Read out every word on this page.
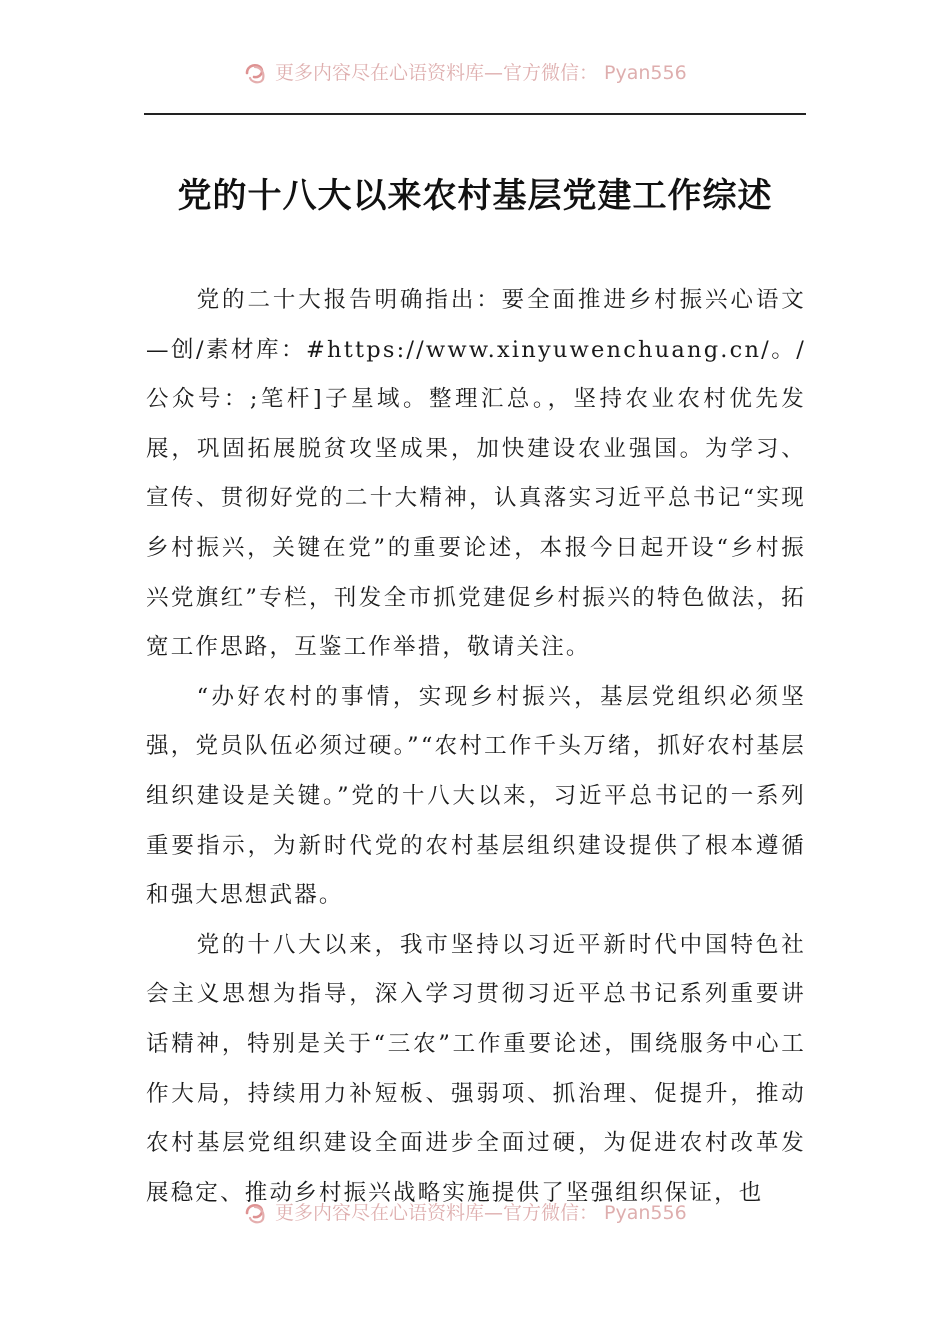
更多内容尽在心语资料库—官方微信： Pyan556
党的十八大以来农村基层党建工作综述

党的二十大报告明确指出：要全面推进乡村振兴心语文—创/素材库：#https://www.xinyuwenchuang.cn/。/公众号：;笔杆]子星域。整理汇总。，坚持农业农村优先发展，巩固拓展脱贫攻坚成果，加快建设农业强国。为学习、宣传、贯彻好党的二十大精神，认真落实习近平总书记“实现乡村振兴，关键在党”的重要论述，本报今日起开设“乡村振兴党旗红”专栏，刊发全市抓党建促乡村振兴的特色做法，拓宽工作思路，互鉴工作举措，敬请关注。

“办好农村的事情，实现乡村振兴，基层党组织必须坚强，党员队伍必须过硬。”“农村工作千头万绪，抓好农村基层组织建设是关键。”党的十八大以来，习近平总书记的一系列重要指示，为新时代党的农村基层组织建设提供了根本遵循和强大思想武器。

党的十八大以来，我市坚持以习近平新时代中国特色社会主义思想为指导，深入学习贯彻习近平总书记系列重要讲话精神，特别是关于“三农”工作重要论述，围绕服务中心工作大局，持续用力补短板、强弱项、抓治理、促提升，推动农村基层党组织建设全面进步全面过硬，为促进农村改革发展稳定、推动乡村振兴战略实施提供了坚强组织保证，也

更多内容尽在心语资料库—官方微信： Pyan556
